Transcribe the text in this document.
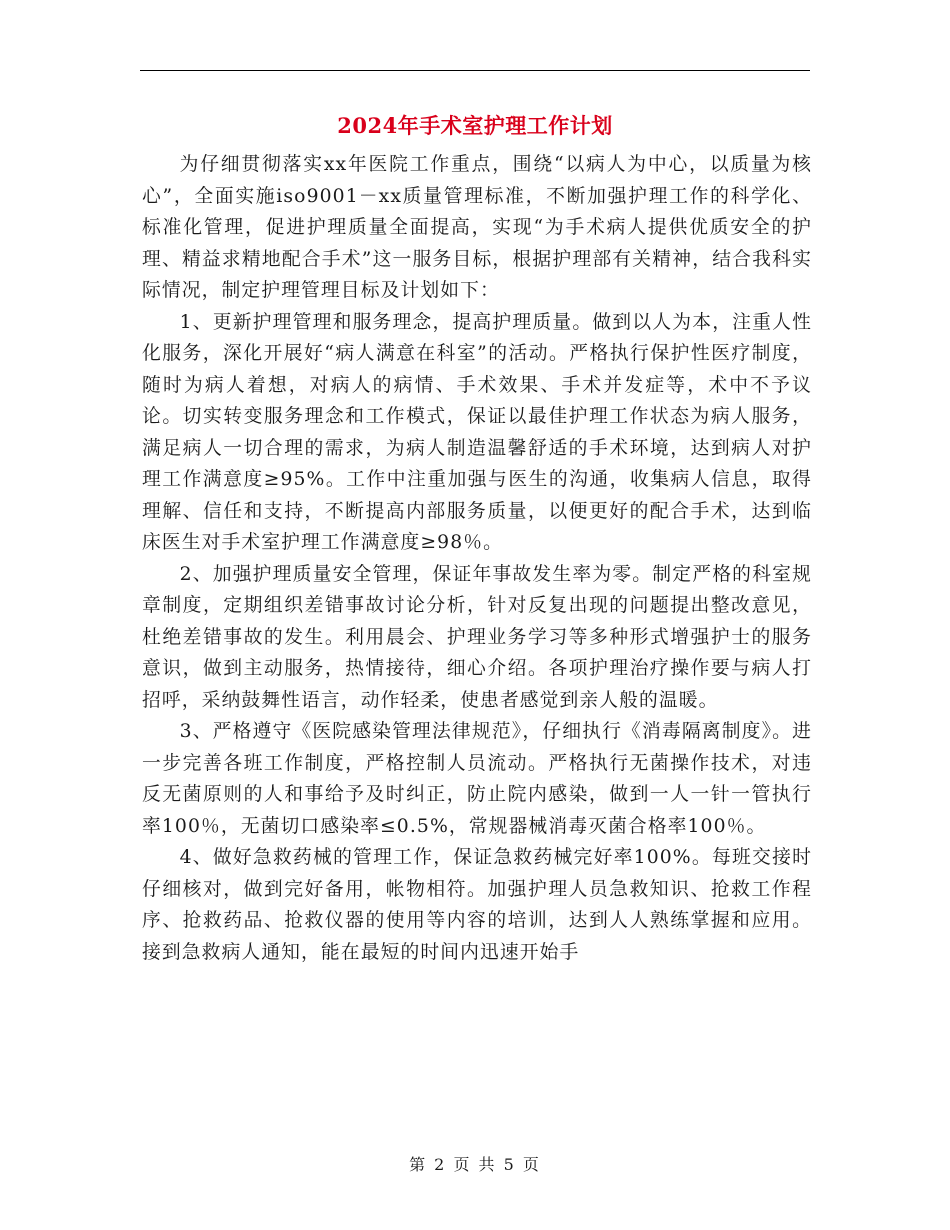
2024年手术室护理工作计划

为仔细贯彻落实xx年医院工作重点，围绕“以病人为中心，以质量为核心”，全面实施iso9001－xx质量管理标准，不断加强护理工作的科学化、标准化管理，促进护理质量全面提高，实现“为手术病人提供优质安全的护理、精益求精地配合手术”这一服务目标，根据护理部有关精神，结合我科实际情况，制定护理管理目标及计划如下：

1、更新护理管理和服务理念，提高护理质量。做到以人为本，注重人性化服务，深化开展好“病人满意在科室”的活动。严格执行保护性医疗制度，随时为病人着想，对病人的病情、手术效果、手术并发症等，术中不予议论。切实转变服务理念和工作模式，保证以最佳护理工作状态为病人服务，满足病人一切合理的需求，为病人制造温馨舒适的手术环境，达到病人对护理工作满意度≥95%。工作中注重加强与医生的沟通，收集病人信息，取得理解、信任和支持，不断提高内部服务质量，以便更好的配合手术，达到临床医生对手术室护理工作满意度≥98％。

2、加强护理质量安全管理，保证年事故发生率为零。制定严格的科室规章制度，定期组织差错事故讨论分析，针对反复出现的问题提出整改意见，杜绝差错事故的发生。利用晨会、护理业务学习等多种形式增强护士的服务意识，做到主动服务，热情接待，细心介绍。各项护理治疗操作要与病人打招呼，采纳鼓舞性语言，动作轻柔，使患者感觉到亲人般的温暖。

3、严格遵守《医院感染管理法律规范》，仔细执行《消毒隔离制度》。进一步完善各班工作制度，严格控制人员流动。严格执行无菌操作技术，对违反无菌原则的人和事给予及时纠正，防止院内感染，做到一人一针一管执行率100％，无菌切口感染率≤0.5%，常规器械消毒灭菌合格率100％。

4、做好急救药械的管理工作，保证急救药械完好率100%。每班交接时仔细核对，做到完好备用，帐物相符。加强护理人员急救知识、抢救工作程序、抢救药品、抢救仪器的使用等内容的培训，达到人人熟练掌握和应用。接到急救病人通知，能在最短的时间内迅速开始手

第 2 页 共 5 页
